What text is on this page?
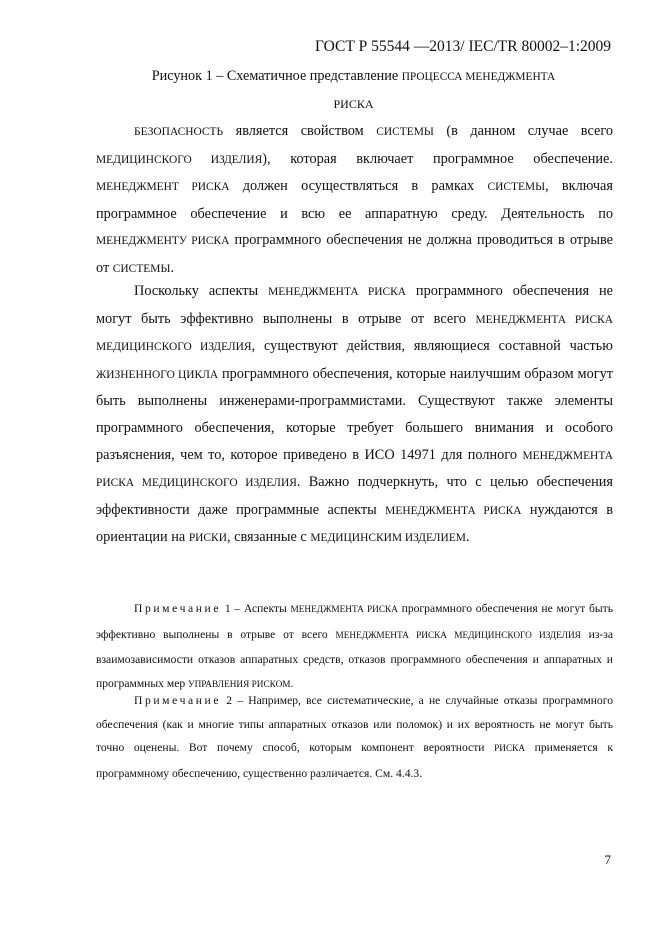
ГОСТ Р 55544 —2013/ IEC/TR 80002–1:2009
Рисунок 1 – Схематичное представление ПРОЦЕССА МЕНЕДЖМЕНТА
РИСКА
БЕЗОПАСНОСТЬ является свойством СИСТЕМЫ (в данном случае всего МЕДИЦИНСКОГО ИЗДЕЛИЯ), которая включает программное обеспечение. МЕНЕДЖМЕНТ РИСКА должен осуществляться в рамках СИСТЕМЫ, включая программное обеспечение и всю ее аппаратную среду. Деятельность по МЕНЕДЖМЕНТУ РИСКА программного обеспечения не должна проводиться в отрыве от СИСТЕМЫ.
Поскольку аспекты МЕНЕДЖМЕНТА РИСКА программного обеспечения не могут быть эффективно выполнены в отрыве от всего МЕНЕДЖМЕНТА РИСКА МЕДИЦИНСКОГО ИЗДЕЛИЯ, существуют действия, являющиеся составной частью ЖИЗНЕННОГО ЦИКЛА программного обеспечения, которые наилучшим образом могут быть выполнены инженерами-программистами. Существуют также элементы программного обеспечения, которые требует большего внимания и особого разъяснения, чем то, которое приведено в ИСО 14971 для полного МЕНЕДЖМЕНТА РИСКА МЕДИЦИНСКОГО ИЗДЕЛИЯ. Важно подчеркнуть, что с целью обеспечения эффективности даже программные аспекты МЕНЕДЖМЕНТА РИСКА нуждаются в ориентации на РИСКИ, связанные с МЕДИЦИНСКИМ ИЗДЕЛИЕМ.
Примечание 1 – Аспекты МЕНЕДЖМЕНТА РИСКА программного обеспечения не могут быть эффективно выполнены в отрыве от всего МЕНЕДЖМЕНТА РИСКА МЕДИЦИНСКОГО ИЗДЕЛИЯ из-за взаимозависимости отказов аппаратных средств, отказов программного обеспечения и аппаратных и программных мер УПРАВЛЕНИЯ РИСКОМ.
Примечание 2 – Например, все систематические, а не случайные отказы программного обеспечения (как и многие типы аппаратных отказов или поломок) и их вероятность не могут быть точно оценены. Вот почему способ, которым компонент вероятности РИСКА применяется к программному обеспечению, существенно различается. См. 4.4.3.
7
